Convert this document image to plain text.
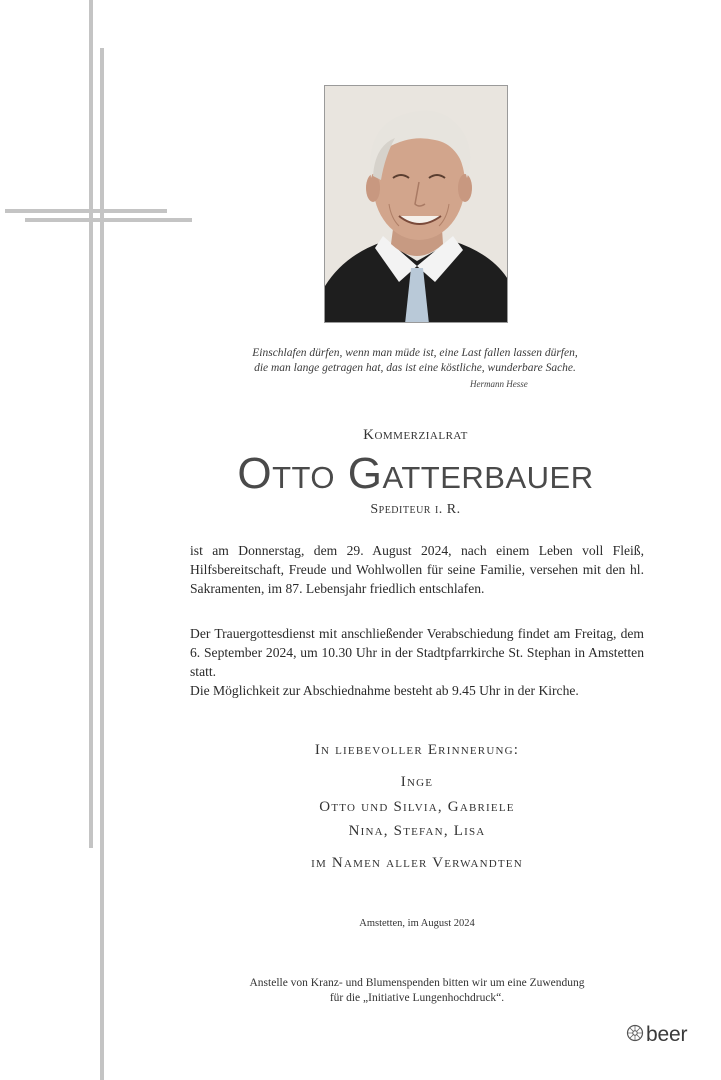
Einschlafen dürfen, wenn man müde ist, eine Last fallen lassen dürfen,
die man lange getragen hat, das ist eine köstliche, wunderbare Sache.
Hermann Hesse
Kommerzialrat
Otto Gatterbauer
Spediteur i. R.
ist am Donnerstag, dem 29. August 2024, nach einem Leben voll Fleiß, Hilfsbereitschaft, Freude und Wohlwollen für seine Familie, versehen mit den hl. Sakramenten, im 87. Lebensjahr friedlich entschlafen.
Der Trauergottesdienst mit anschließender Verabschiedung findet am Freitag, dem 6. September 2024, um 10.30 Uhr in der Stadtpfarrkirche St. Stephan in Amstetten statt.
Die Möglichkeit zur Abschiednahme besteht ab 9.45 Uhr in der Kirche.
In liebevoller Erinnerung:
Inge
Otto und Silvia, Gabriele
Nina, Stefan, Lisa
im Namen aller Verwandten
Amstetten, im August 2024
Anstelle von Kranz- und Blumenspenden bitten wir um eine Zuwendung
für die „Initiative Lungenhochdruck“.
beer
